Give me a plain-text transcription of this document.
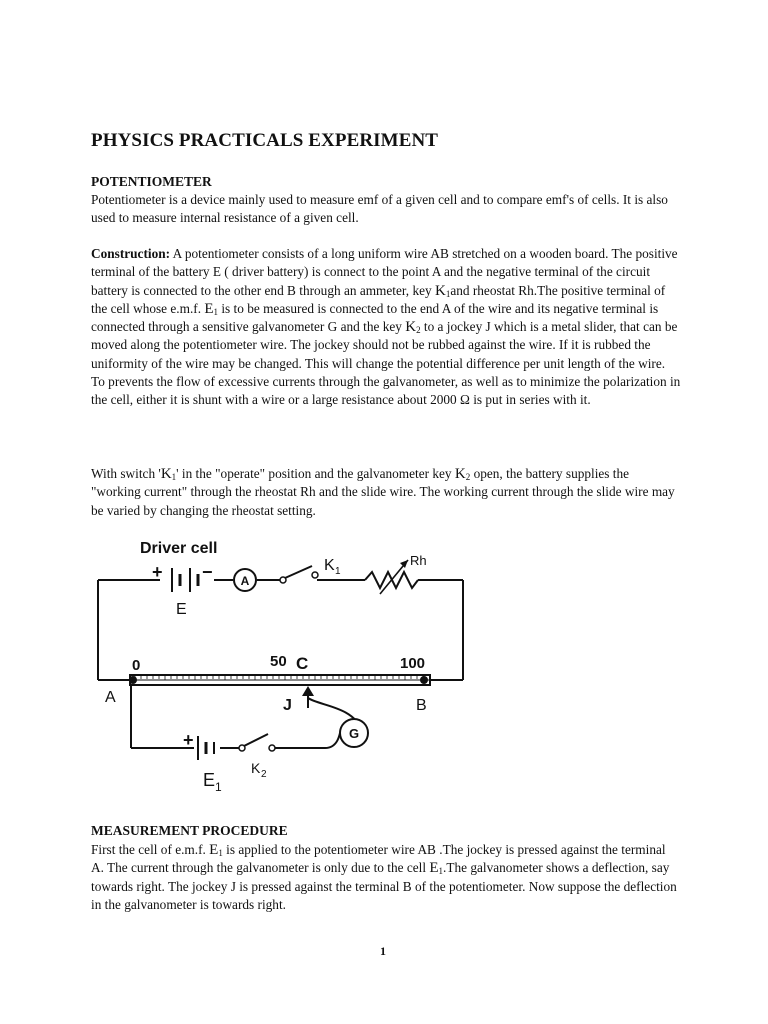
PHYSICS PRACTICALS EXPERIMENT
POTENTIOMETER
Potentiometer is a device mainly used to measure emf of a given cell and to compare emf's of cells. It is also used to measure internal resistance of a given cell.
Construction: A potentiometer consists of a long uniform wire AB stretched on a wooden board. The positive terminal of the battery E ( driver battery) is connect to the point A and the negative terminal of the circuit battery is connected to the other end B through an ammeter, key $K_1and$ rheostat Rh.The positive terminal of the cell whose e.m.f. $E_1$ is to be measured is connected to the end A of the wire and its negative terminal is connected through a sensitive galvanometer G and the key $K_2$ to a jockey J which is a metal slider, that can be moved along the potentiometer wire. The jockey should not be rubbed against the wire. If it is rubbed the uniformity of the wire may be changed. This will change the potential difference per unit length of the wire. To prevents the flow of excessive currents through the galvanometer, as well as to minimize the polarization in the cell, either it is shunt with a wire or a large resistance about 2000 Ω is put in series with it.
With switch '$K_1$' in the "operate" position and the galvanometer key $K_2$ open, the battery supplies the "working current" through the rheostat Rh and the slide wire. The working current through the slide wire may be varied by changing the rheostat setting.
Driver cell
+ −
E
A
K 1
Rh
0	50 C	100
A	B
J
G
+
E 1
K 2
MEASUREMENT PROCEDURE
First the cell of e.m.f. $E_1$ is applied to the potentiometer wire AB .The jockey is pressed against the terminal A. The current through the galvanometer is only due to the cell $E_1.The$ galvanometer shows a deflection, say towards right. The jockey J is pressed against the terminal B of the potentiometer. Now suppose the deflection in the galvanometer is towards right.
1
